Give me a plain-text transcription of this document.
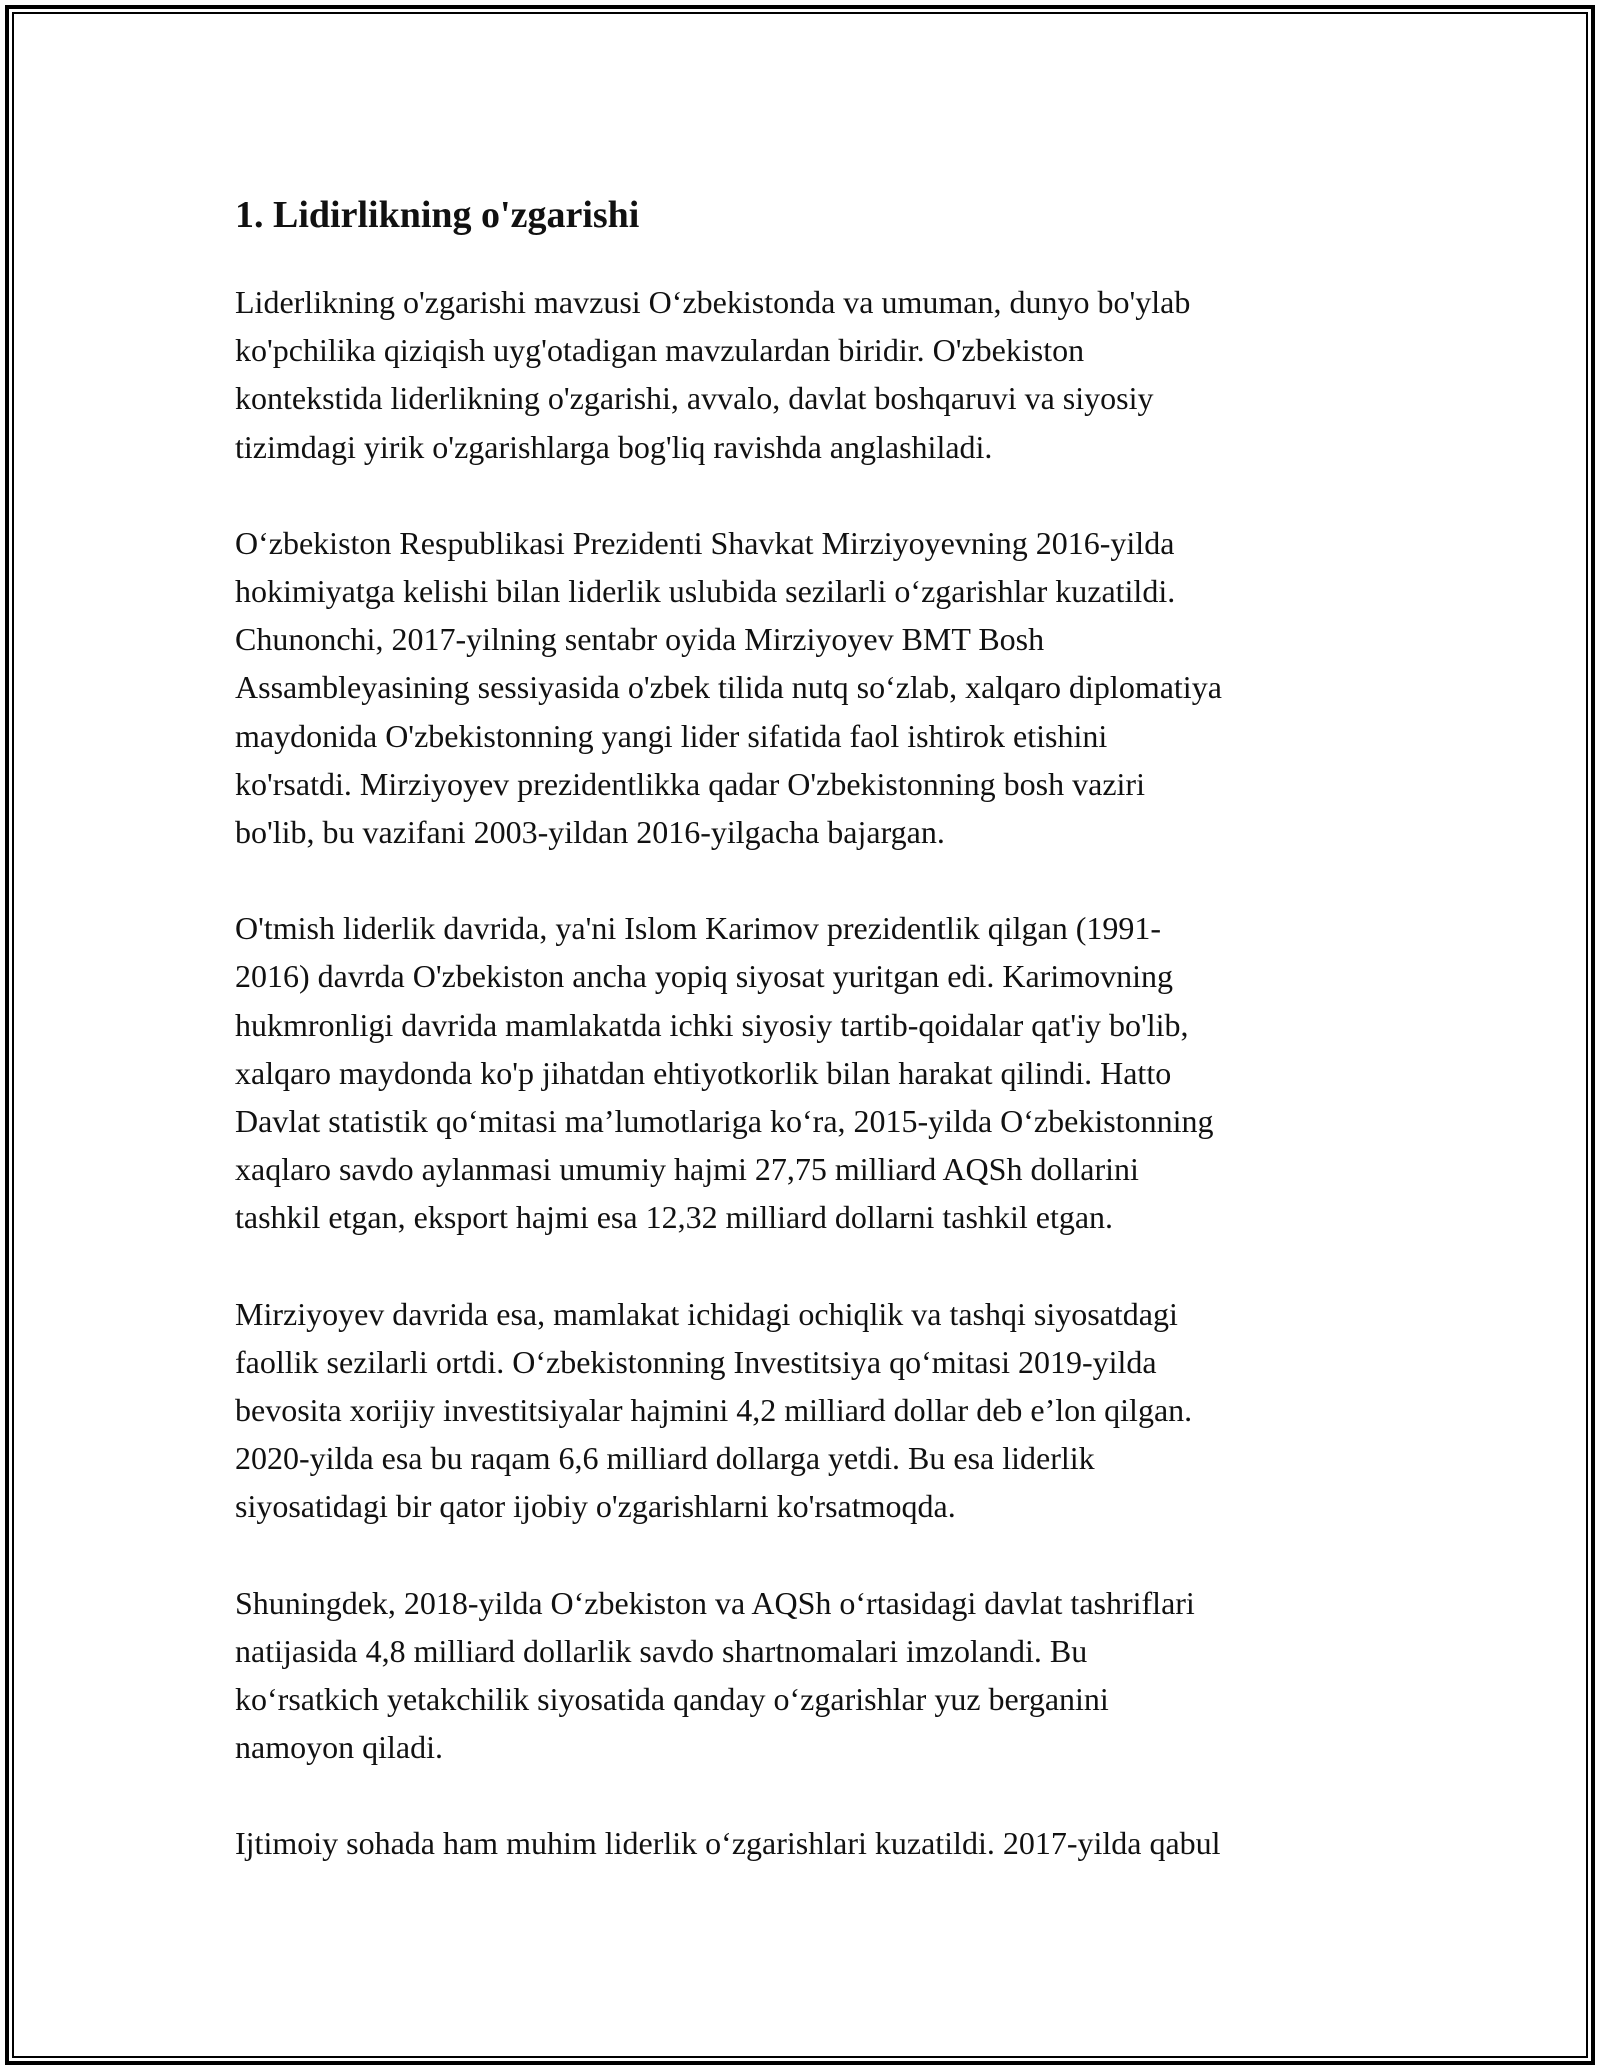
1. Lidirlikning o'zgarishi

Liderlikning o'zgarishi mavzusi O‘zbekistonda va umuman, dunyo bo'ylab
ko'pchilika qiziqish uyg'otadigan mavzulardan biridir. O'zbekiston
kontekstida liderlikning o'zgarishi, avvalo, davlat boshqaruvi va siyosiy
tizimdagi yirik o'zgarishlarga bog'liq ravishda anglashiladi.

O‘zbekiston Respublikasi Prezidenti Shavkat Mirziyoyevning 2016-yilda
hokimiyatga kelishi bilan liderlik uslubida sezilarli o‘zgarishlar kuzatildi.
Chunonchi, 2017-yilning sentabr oyida Mirziyoyev BMT Bosh
Assambleyasining sessiyasida o'zbek tilida nutq so‘zlab, xalqaro diplomatiya
maydonida O'zbekistonning yangi lider sifatida faol ishtirok etishini
ko'rsatdi. Mirziyoyev prezidentlikka qadar O'zbekistonning bosh vaziri
bo'lib, bu vazifani 2003-yildan 2016-yilgacha bajargan.

O'tmish liderlik davrida, ya'ni Islom Karimov prezidentlik qilgan (1991-
2016) davrda O'zbekiston ancha yopiq siyosat yuritgan edi. Karimovning
hukmronligi davrida mamlakatda ichki siyosiy tartib-qoidalar qat'iy bo'lib,
xalqaro maydonda ko'p jihatdan ehtiyotkorlik bilan harakat qilindi. Hatto
Davlat statistik qo‘mitasi ma’lumotlariga ko‘ra, 2015-yilda O‘zbekistonning
xaqlaro savdo aylanmasi umumiy hajmi 27,75 milliard AQSh dollarini
tashkil etgan, eksport hajmi esa 12,32 milliard dollarni tashkil etgan.

Mirziyoyev davrida esa, mamlakat ichidagi ochiqlik va tashqi siyosatdagi
faollik sezilarli ortdi. O‘zbekistonning Investitsiya qo‘mitasi 2019-yilda
bevosita xorijiy investitsiyalar hajmini 4,2 milliard dollar deb e’lon qilgan.
2020-yilda esa bu raqam 6,6 milliard dollarga yetdi. Bu esa liderlik
siyosatidagi bir qator ijobiy o'zgarishlarni ko'rsatmoqda.

Shuningdek, 2018-yilda O‘zbekiston va AQSh o‘rtasidagi davlat tashriflari
natijasida 4,8 milliard dollarlik savdo shartnomalari imzolandi. Bu
ko‘rsatkich yetakchilik siyosatida qanday o‘zgarishlar yuz berganini
namoyon qiladi.

Ijtimoiy sohada ham muhim liderlik o‘zgarishlari kuzatildi. 2017-yilda qabul
